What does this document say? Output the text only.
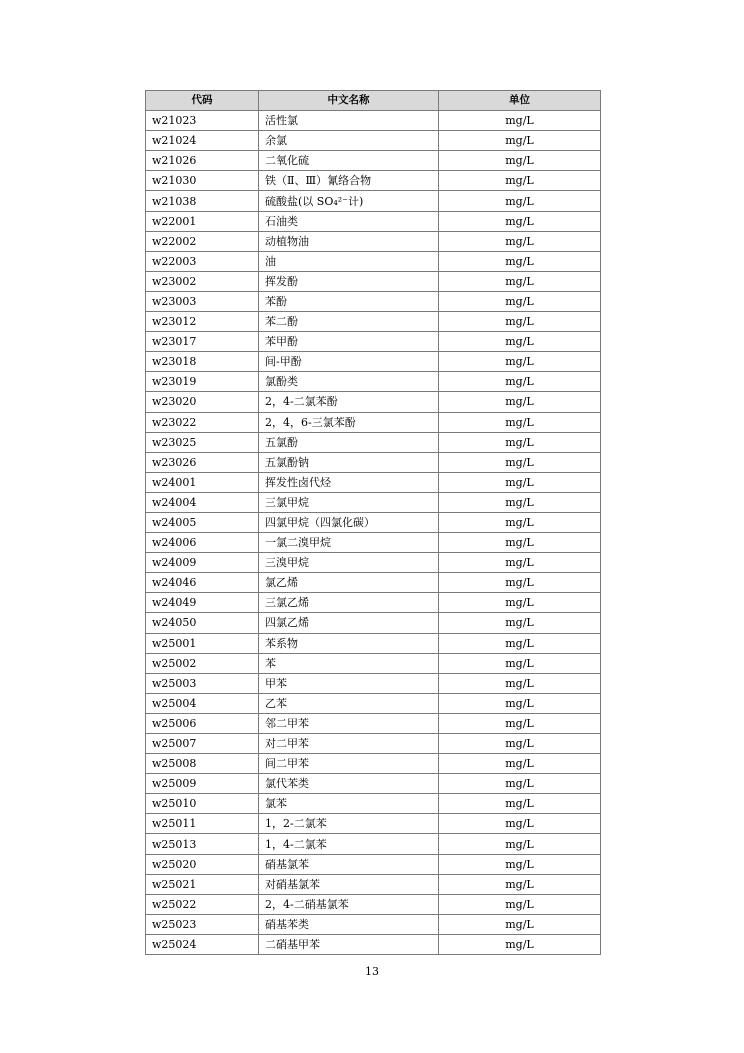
代码	中文名称	单位
w21023	活性氯	mg/L
w21024	余氯	mg/L
w21026	二氧化硫	mg/L
w21030	铁（Ⅱ、Ⅲ）氰络合物	mg/L
w21038	硫酸盐(以 SO₄²⁻计)	mg/L
w22001	石油类	mg/L
w22002	动植物油	mg/L
w22003	油	mg/L
w23002	挥发酚	mg/L
w23003	苯酚	mg/L
w23012	苯二酚	mg/L
w23017	苯甲酚	mg/L
w23018	间-甲酚	mg/L
w23019	氯酚类	mg/L
w23020	2，4-二氯苯酚	mg/L
w23022	2，4，6-三氯苯酚	mg/L
w23025	五氯酚	mg/L
w23026	五氯酚钠	mg/L
w24001	挥发性卤代烃	mg/L
w24004	三氯甲烷	mg/L
w24005	四氯甲烷（四氯化碳）	mg/L
w24006	一氯二溴甲烷	mg/L
w24009	三溴甲烷	mg/L
w24046	氯乙烯	mg/L
w24049	三氯乙烯	mg/L
w24050	四氯乙烯	mg/L
w25001	苯系物	mg/L
w25002	苯	mg/L
w25003	甲苯	mg/L
w25004	乙苯	mg/L
w25006	邻二甲苯	mg/L
w25007	对二甲苯	mg/L
w25008	间二甲苯	mg/L
w25009	氯代苯类	mg/L
w25010	氯苯	mg/L
w25011	1，2-二氯苯	mg/L
w25013	1，4-二氯苯	mg/L
w25020	硝基氯苯	mg/L
w25021	对硝基氯苯	mg/L
w25022	2，4-二硝基氯苯	mg/L
w25023	硝基苯类	mg/L
w25024	二硝基甲苯	mg/L
13
